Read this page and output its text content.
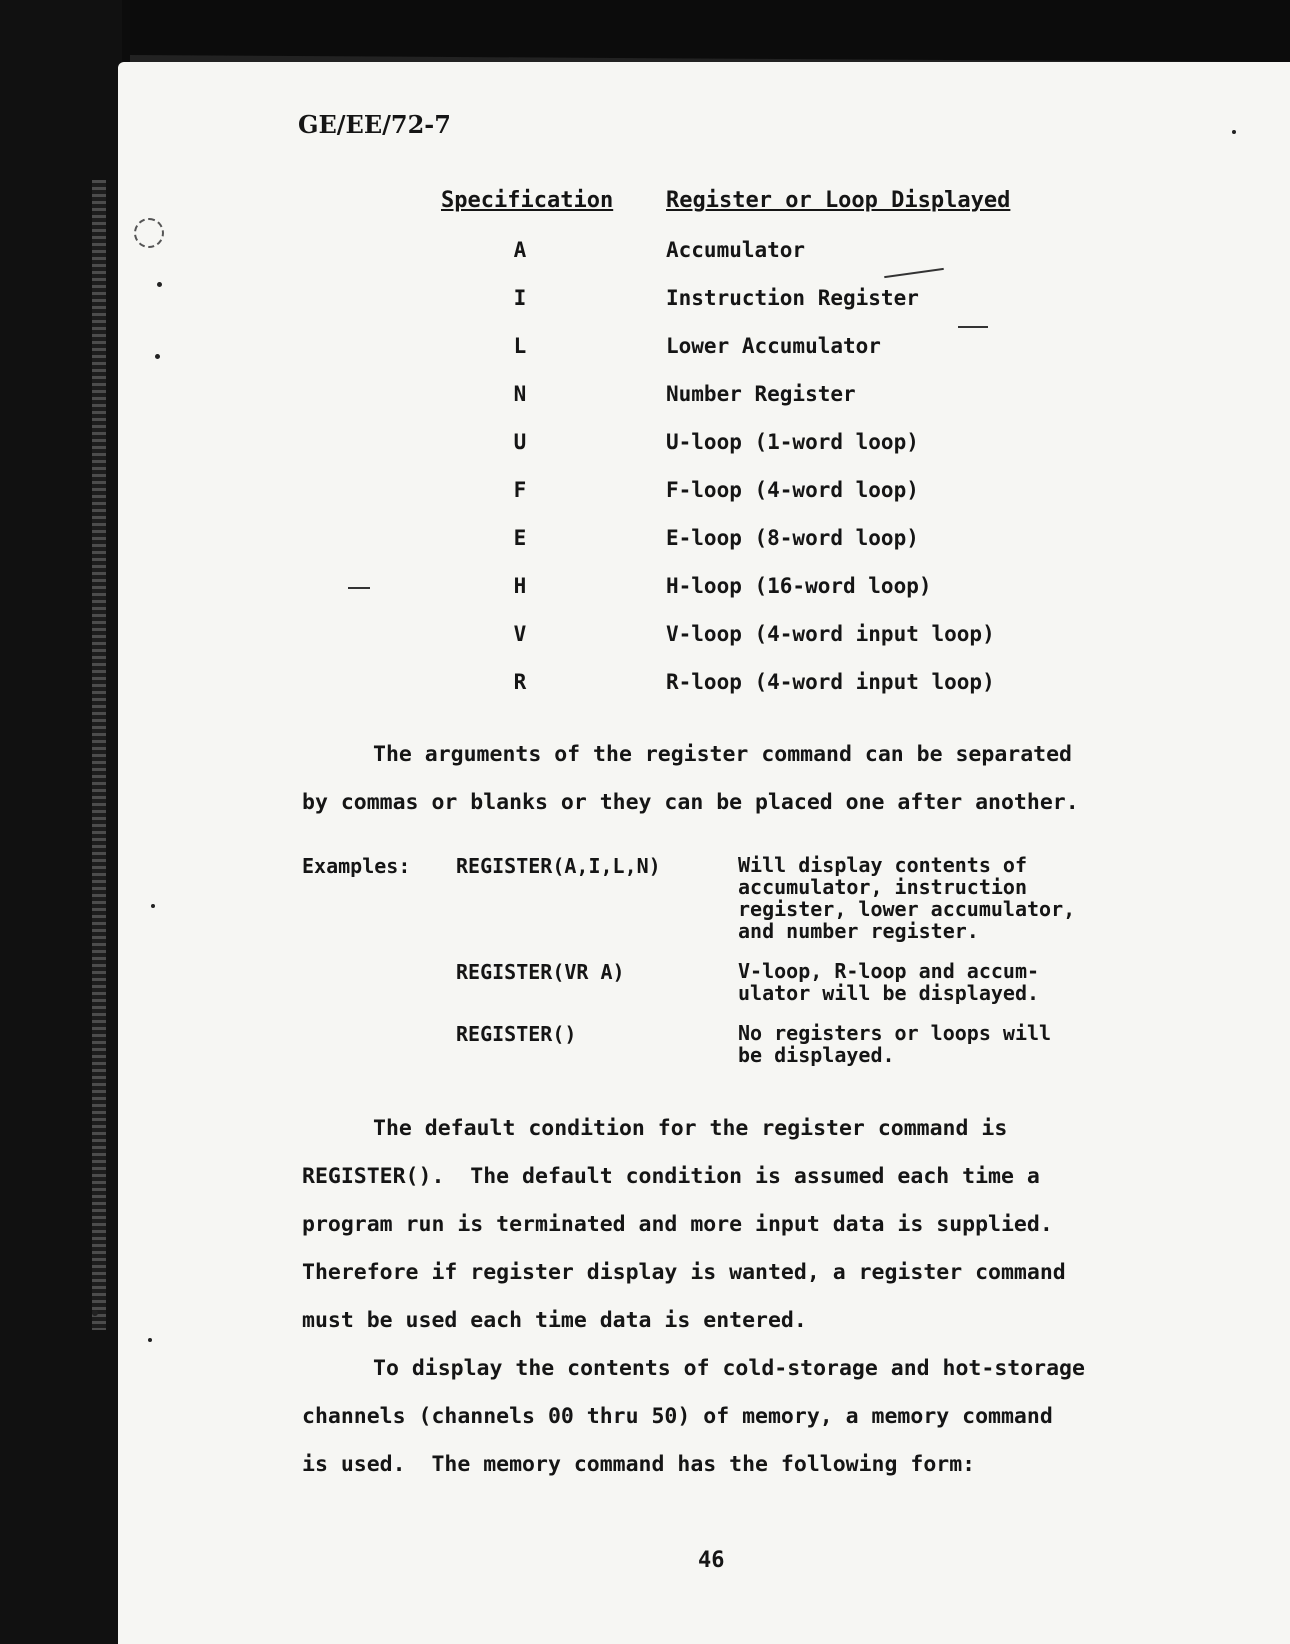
GE/EE/72-7
Specification Register or Loop Displayed
A	Accumulator
I	Instruction Register
L	Lower Accumulator
N	Number Register
U	U-loop (1-word loop)
F	F-loop (4-word loop)
E	E-loop (8-word loop)
H	H-loop (16-word loop)
V	V-loop (4-word input loop)
R	R-loop (4-word input loop)
The arguments of the register command can be separated
by commas or blanks or they can be placed one after another.
Examples: REGISTER(A,I,L,N)	Will display contents of
accumulator, instruction
register, lower accumulator,
and number register.
REGISTER(VR A)	V-loop, R-loop and accum-
ulator will be displayed.
REGISTER()	No registers or loops will
be displayed.
The default condition for the register command is
REGISTER().  The default condition is assumed each time a
program run is terminated and more input data is supplied.
Therefore if register display is wanted, a register command
must be used each time data is entered.
To display the contents of cold-storage and hot-storage
channels (channels 00 thru 50) of memory, a memory command
is used.  The memory command has the following form:
46
